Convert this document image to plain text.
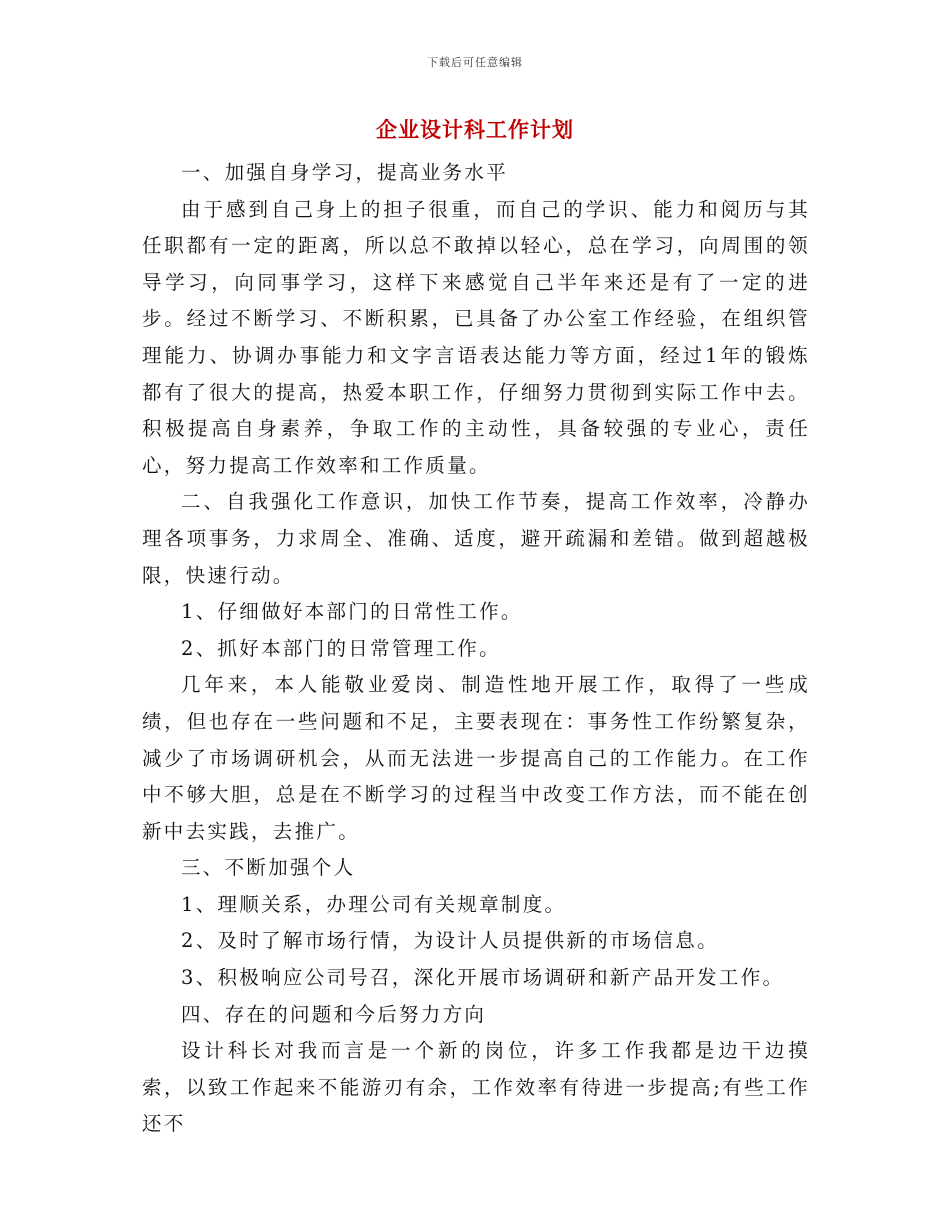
下载后可任意编辑
企业设计科工作计划

一、加强自身学习，提高业务水平

由于感到自己身上的担子很重，而自己的学识、能力和阅历与其任职都有一定的距离，所以总不敢掉以轻心，总在学习，向周围的领导学习，向同事学习，这样下来感觉自己半年来还是有了一定的进步。经过不断学习、不断积累，已具备了办公室工作经验，在组织管理能力、协调办事能力和文字言语表达能力等方面，经过1年的锻炼都有了很大的提高，热爱本职工作，仔细努力贯彻到实际工作中去。积极提高自身素养，争取工作的主动性，具备较强的专业心，责任心，努力提高工作效率和工作质量。

二、自我强化工作意识，加快工作节奏，提高工作效率，冷静办理各项事务，力求周全、准确、适度，避开疏漏和差错。做到超越极限，快速行动。

1、仔细做好本部门的日常性工作。

2、抓好本部门的日常管理工作。

几年来，本人能敬业爱岗、制造性地开展工作，取得了一些成绩，但也存在一些问题和不足，主要表现在：事务性工作纷繁复杂，减少了市场调研机会，从而无法进一步提高自己的工作能力。在工作中不够大胆，总是在不断学习的过程当中改变工作方法，而不能在创新中去实践，去推广。

三、不断加强个人

1、理顺关系，办理公司有关规章制度。

2、及时了解市场行情，为设计人员提供新的市场信息。

3、积极响应公司号召，深化开展市场调研和新产品开发工作。

四、存在的问题和今后努力方向

设计科长对我而言是一个新的岗位，许多工作我都是边干边摸索，以致工作起来不能游刃有余，工作效率有待进一步提高;有些工作还不
